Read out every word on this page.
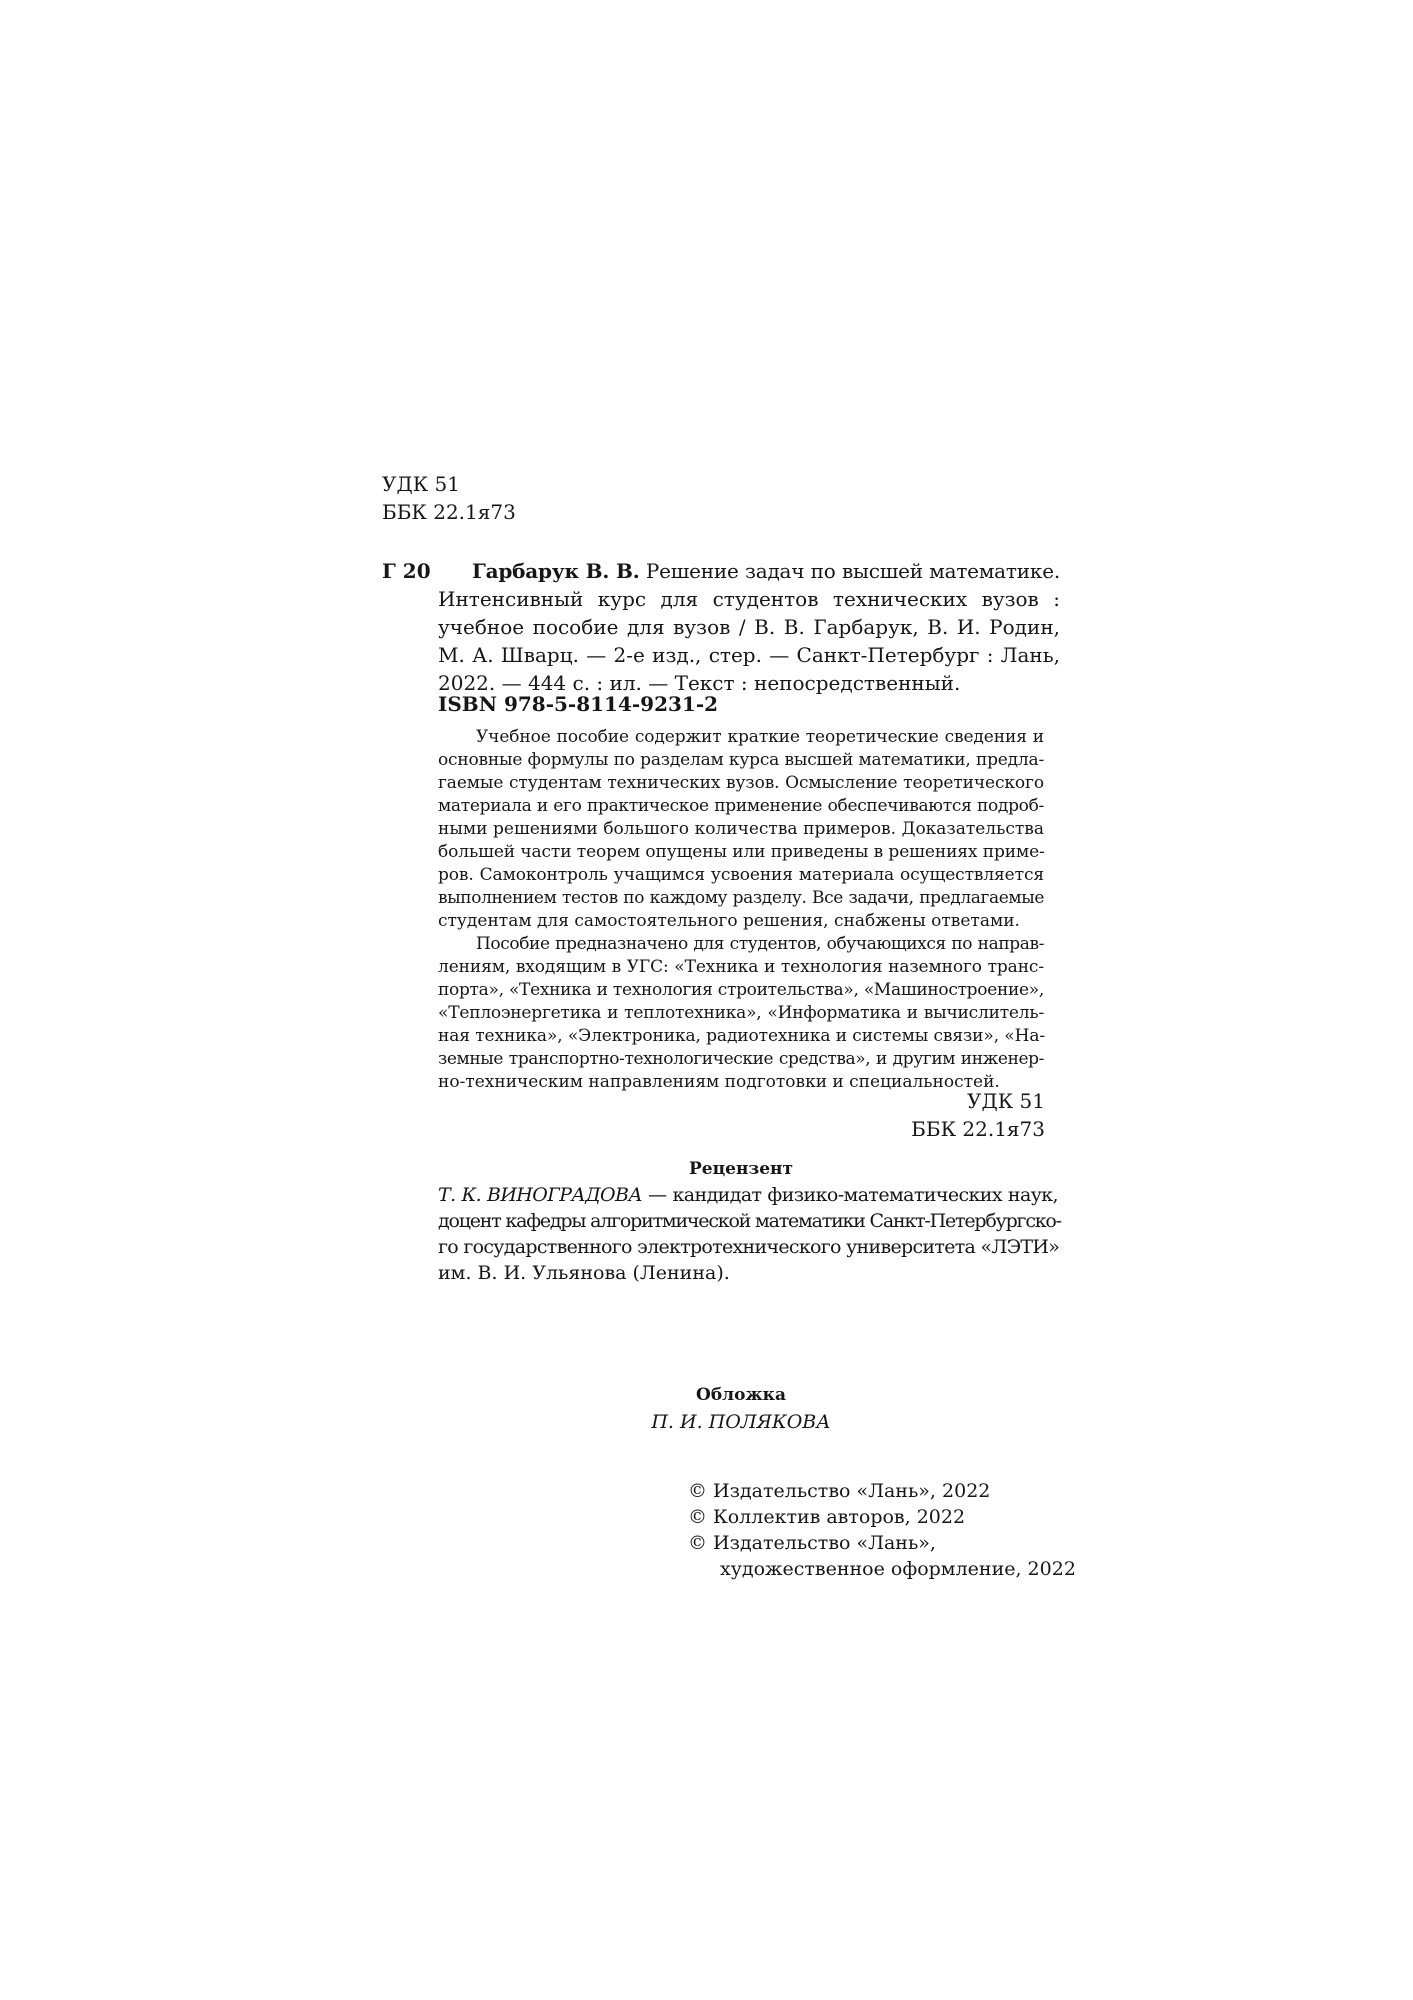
УДК 51
ББК 22.1я73
Г 20	Гарбарук В. В. Решение задач по высшей математике.
Интенсивный курс для студентов технических вузов :
учебное пособие для вузов / В. В. Гарбарук, В. И. Родин,
М. А. Шварц. — 2-е изд., стер. — Санкт-Петербург : Лань,
2022. — 444 с. : ил. — Текст : непосредственный.
ISBN 978-5-8114-9231-2
Учебное пособие содержит краткие теоретические сведения и
основные формулы по разделам курса высшей математики, предла-
гаемые студентам технических вузов. Осмысление теоретического
материала и его практическое применение обеспечиваются подроб-
ными решениями большого количества примеров. Доказательства
большей части теорем опущены или приведены в решениях приме-
ров. Самоконтроль учащимся усвоения материала осуществляется
выполнением тестов по каждому разделу. Все задачи, предлагаемые
студентам для самостоятельного решения, снабжены ответами.
Пособие предназначено для студентов, обучающихся по направ-
лениям, входящим в УГС: «Техника и технология наземного транс-
порта», «Техника и технология строительства», «Машиностроение»,
«Теплоэнергетика и теплотехника», «Информатика и вычислитель-
ная техника», «Электроника, радиотехника и системы связи», «На-
земные транспортно-технологические средства», и другим инженер-
но-техническим направлениям подготовки и специальностей.
УДК 51
ББК 22.1я73
Рецензент
Т. К. ВИНОГРАДОВА — кандидат физико-математических наук,
доцент кафедры алгоритмической математики Санкт-Петербургско-
го государственного электротехнического университета «ЛЭТИ»
им. В. И. Ульянова (Ленина).
Обложка
П. И. ПОЛЯКОВА
© Издательство «Лань», 2022
© Коллектив авторов, 2022
© Издательство «Лань»,
художественное оформление, 2022
